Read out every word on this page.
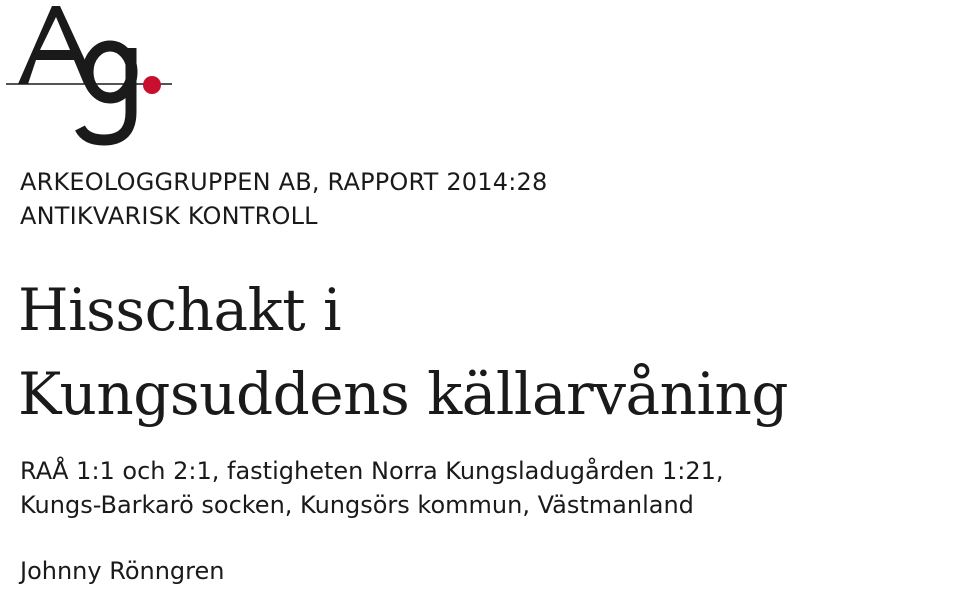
ARKEOLOGGRUPPEN AB, RAPPORT 2014:28
ANTIKVARISK KONTROLL
Hisschakt i
Kungsuddens källarvåning
RAÅ 1:1 och 2:1, fastigheten Norra Kungsladugården 1:21,
Kungs-Barkarö socken, Kungsörs kommun, Västmanland
Johnny Rönngren
